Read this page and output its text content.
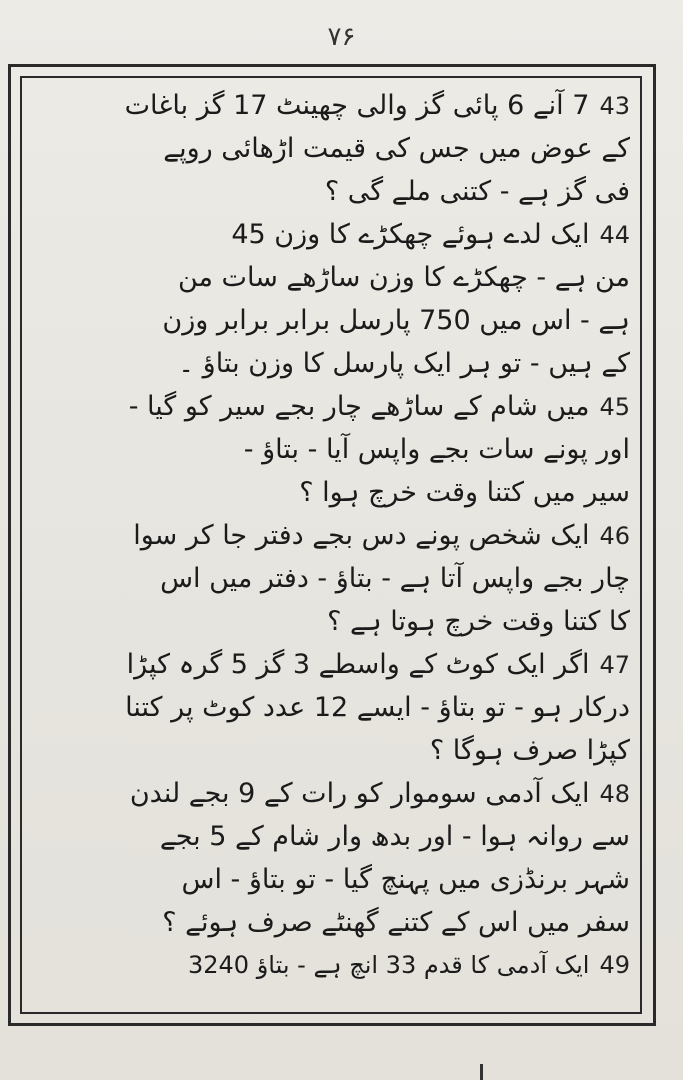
۷۶
437 آنے 6 پائی گز والی چھینٹ 17 گز باغات
کے عوض میں جس کی قیمت اڑھائی روپے
فی گز ہے - کتنی ملے گی ؟
44ایک لدے ہوئے چھکڑے کا وزن 45
من ہے - چھکڑے کا وزن ساڑھے سات من
ہے - اس میں 750 پارسل برابر برابر وزن
کے ہیں - تو ہر ایک پارسل کا وزن بتاؤ ۔
45میں شام کے ساڑھے چار بجے سیر کو گیا -
اور پونے سات بجے واپس آیا - بتاؤ -
سیر میں کتنا وقت خرچ ہوا ؟
46ایک شخص پونے دس بجے دفتر جا کر سوا
چار بجے واپس آتا ہے - بتاؤ - دفتر میں اس
کا کتنا وقت خرچ ہوتا ہے ؟
47اگر ایک کوٹ کے واسطے 3 گز 5 گرہ کپڑا
درکار ہو - تو بتاؤ - ایسے 12 عدد کوٹ پر کتنا
کپڑا صرف ہوگا ؟
48ایک آدمی سوموار کو رات کے 9 بجے لندن
سے روانہ ہوا - اور بدھ وار شام کے 5 بجے
شہر برنڈزی میں پہنچ گیا - تو بتاؤ - اس
سفر میں اس کے کتنے گھنٹے صرف ہوئے ؟
49ایک آدمی کا قدم 33 انچ ہے - بتاؤ 3240
